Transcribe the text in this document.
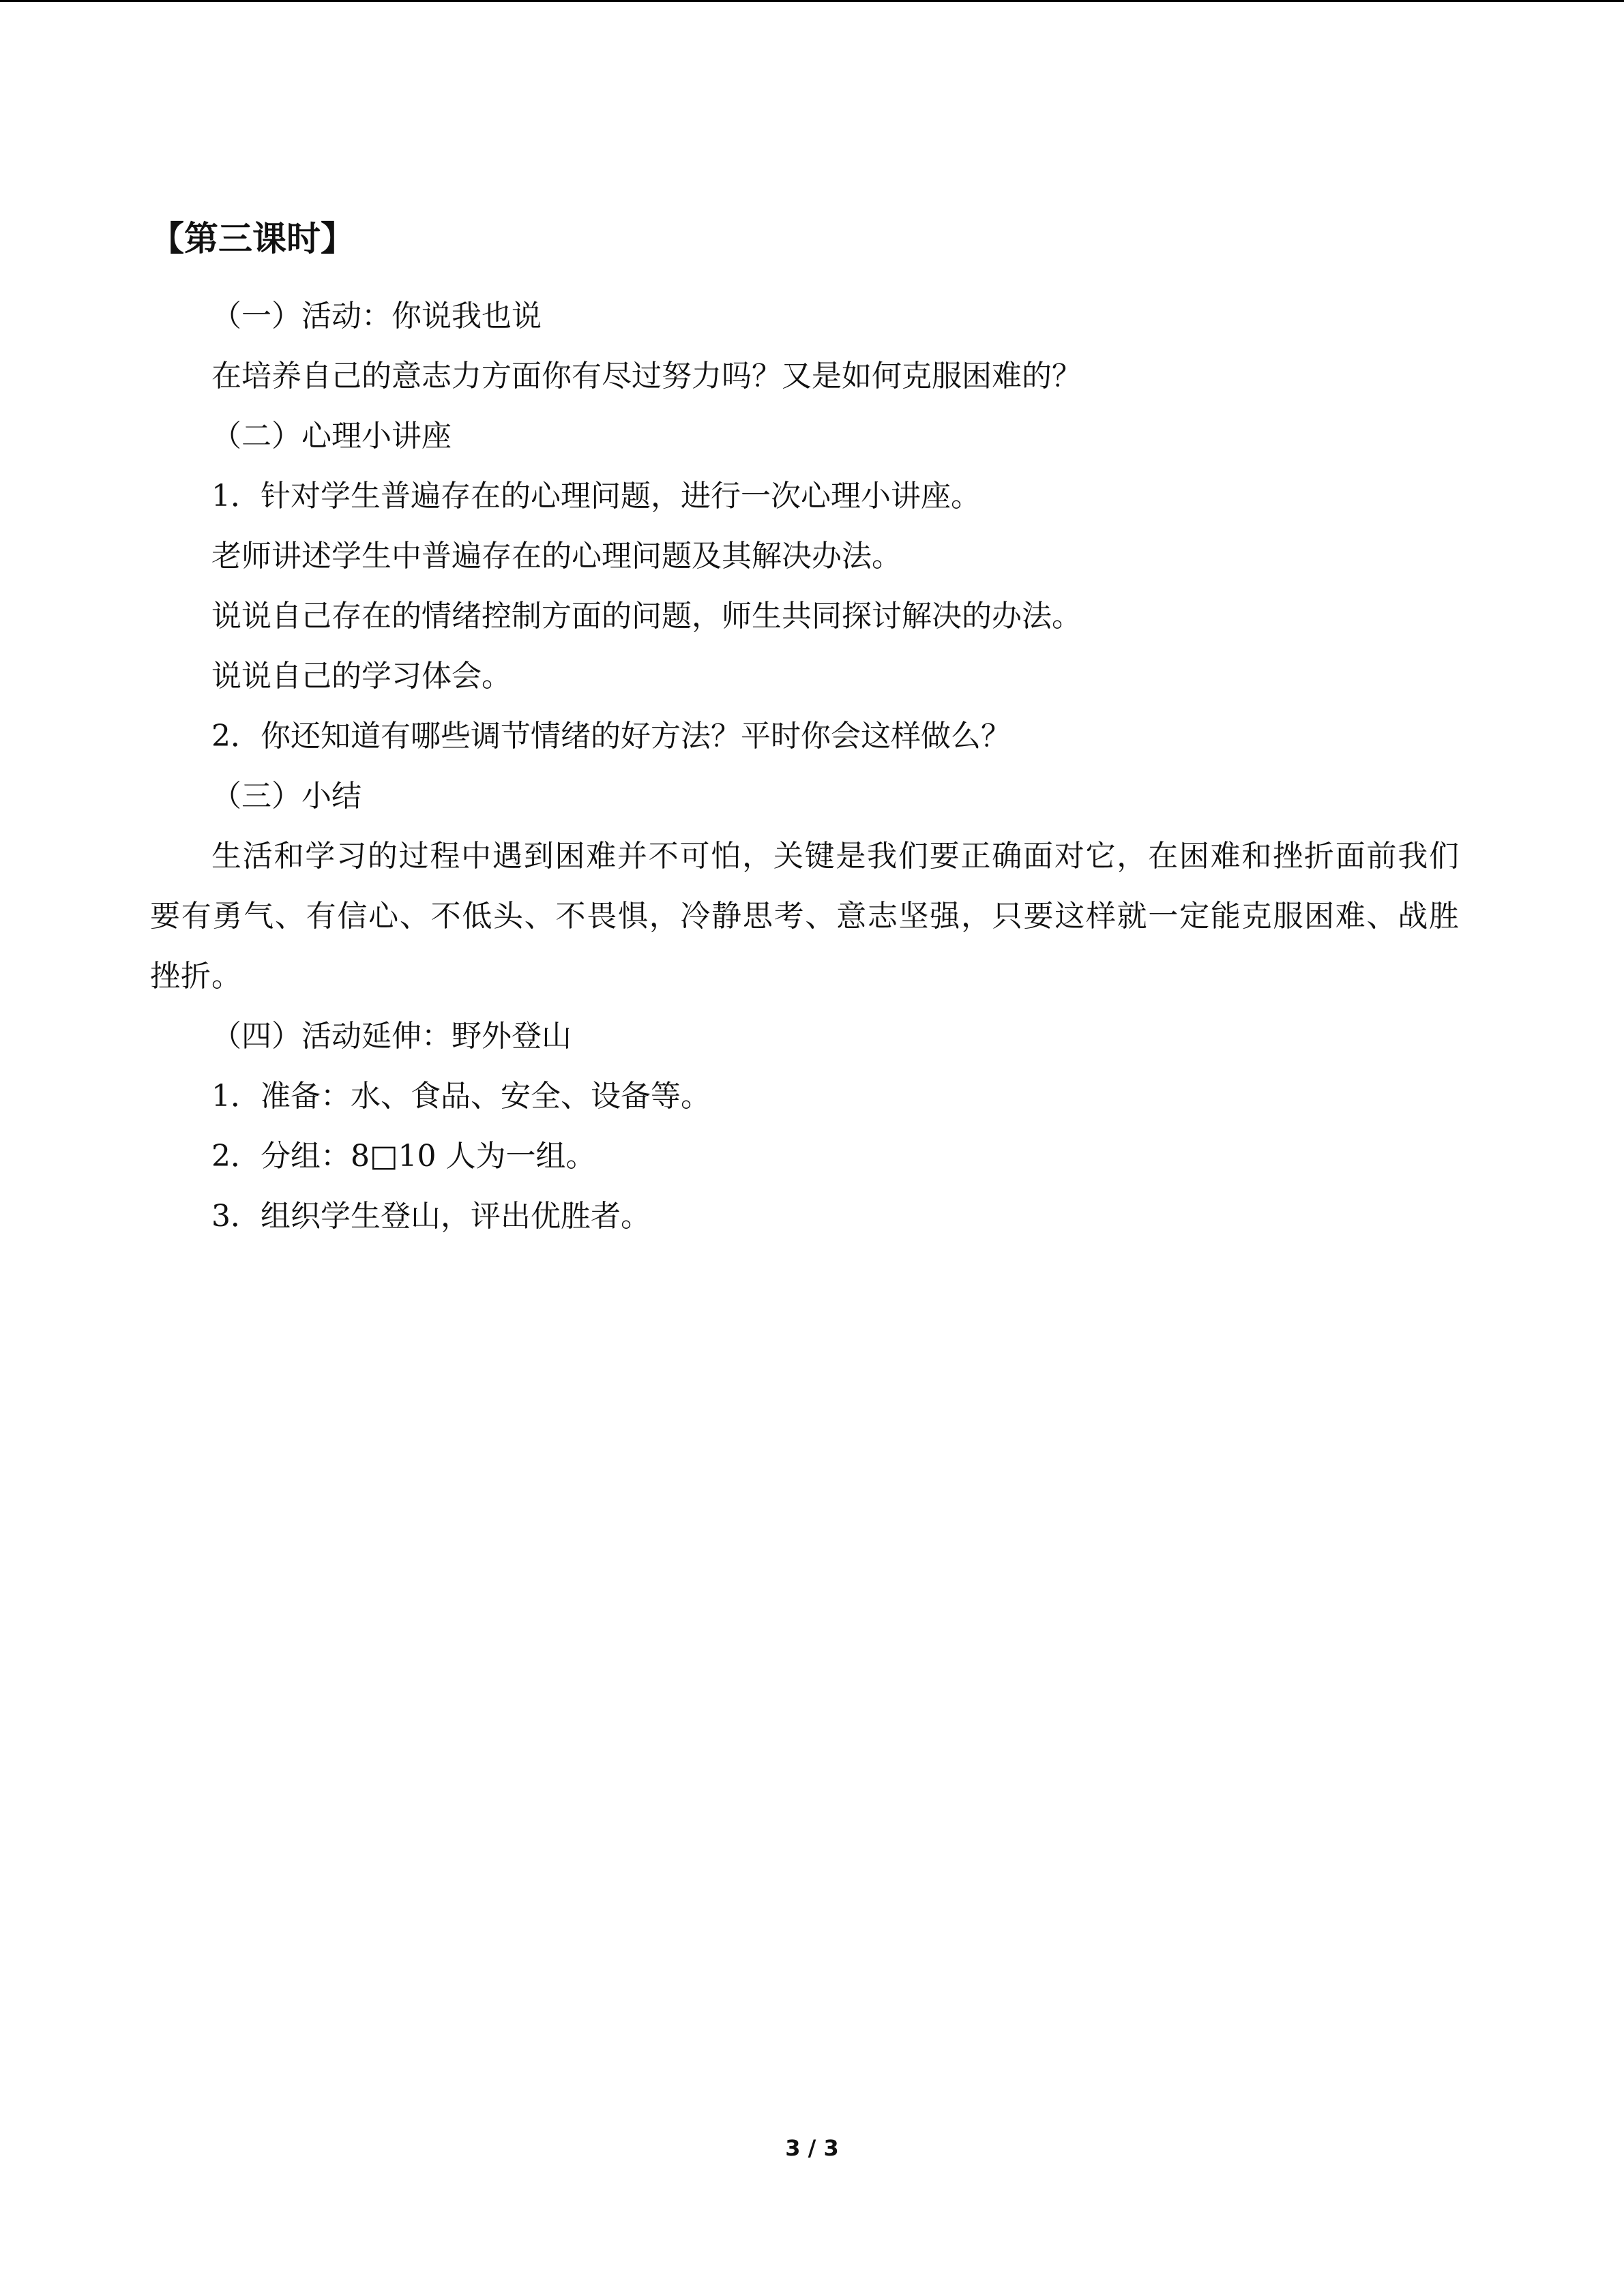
【第三课时】

（一）活动：你说我也说

在培养自己的意志力方面你有尽过努力吗？又是如何克服困难的？

（二）心理小讲座

1．针对学生普遍存在的心理问题，进行一次心理小讲座。

老师讲述学生中普遍存在的心理问题及其解决办法。

说说自己存在的情绪控制方面的问题，师生共同探讨解决的办法。

说说自己的学习体会。

2．你还知道有哪些调节情绪的好方法？平时你会这样做么？

（三）小结

生活和学习的过程中遇到困难并不可怕，关键是我们要正确面对它，在困难和挫折面前我们要有勇气、有信心、不低头、不畏惧，冷静思考、意志坚强，只要这样就一定能克服困难、战胜挫折。

（四）活动延伸：野外登山

1．准备：水、食品、安全、设备等。

2．分组：8□10 人为一组。

3．组织学生登山，评出优胜者。

3 / 3
